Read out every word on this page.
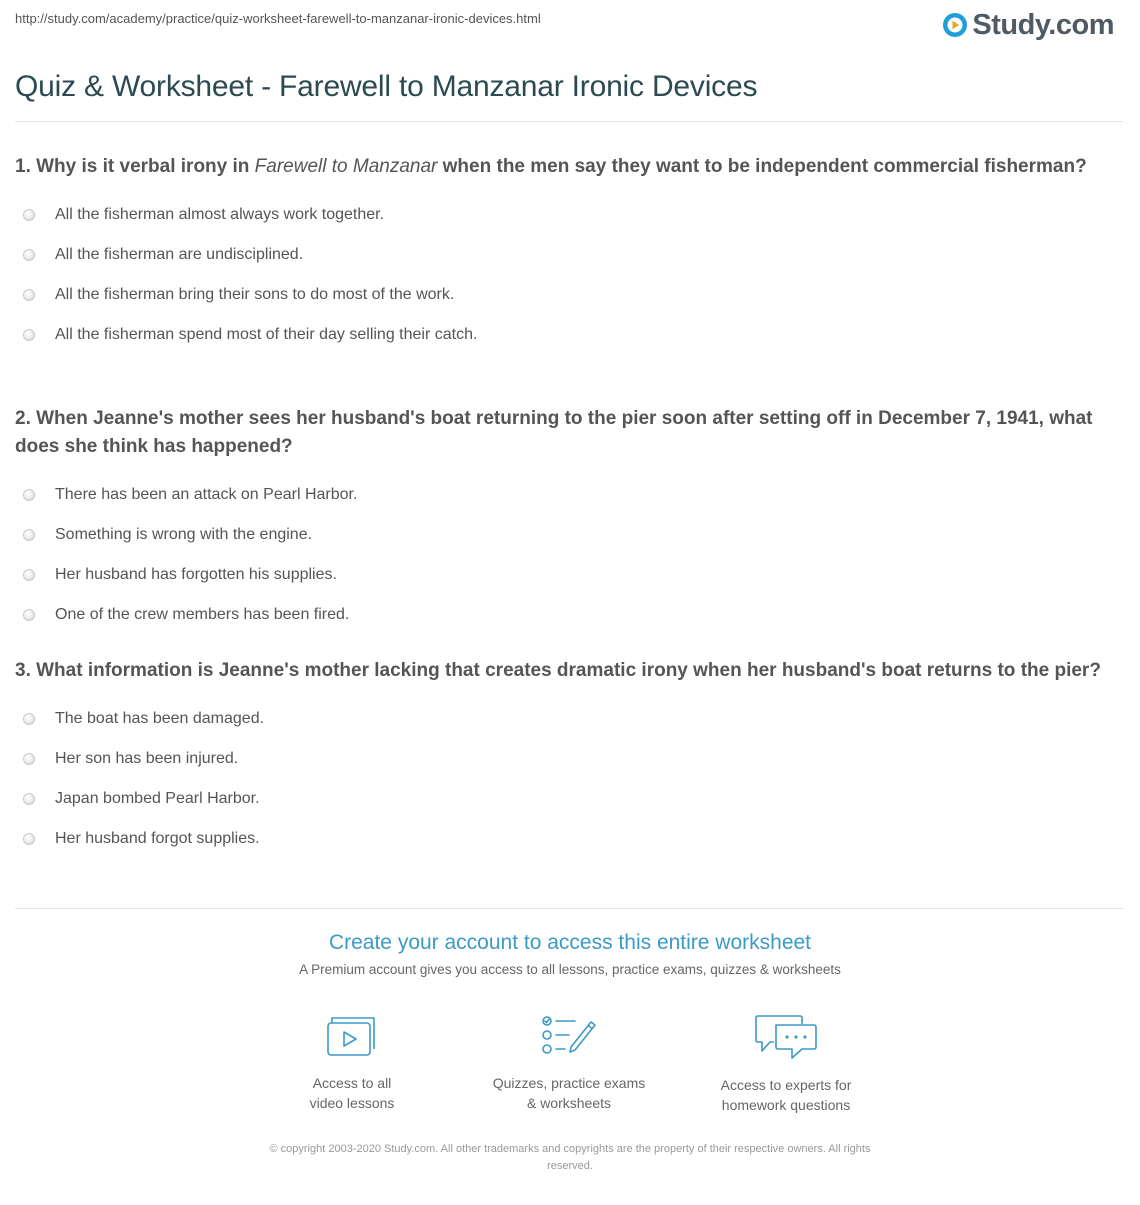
http://study.com/academy/practice/quiz-worksheet-farewell-to-manzanar-ironic-devices.html	Study.com
Quiz & Worksheet - Farewell to Manzanar Ironic Devices

1. Why is it verbal irony in Farewell to Manzanar when the men say they want to be independent commercial fisherman?

All the fisherman almost always work together.
All the fisherman are undisciplined.
All the fisherman bring their sons to do most of the work.
All the fisherman spend most of their day selling their catch.

2. When Jeanne's mother sees her husband's boat returning to the pier soon after setting off in December 7, 1941, what does she think has happened?

There has been an attack on Pearl Harbor.
Something is wrong with the engine.
Her husband has forgotten his supplies.
One of the crew members has been fired.

3. What information is Jeanne's mother lacking that creates dramatic irony when her husband's boat returns to the pier?

The boat has been damaged.
Her son has been injured.
Japan bombed Pearl Harbor.
Her husband forgot supplies.
Create your account to access this entire worksheet
A Premium account gives you access to all lessons, practice exams, quizzes & worksheets
Access to all
video lessons
Quizzes, practice exams
& worksheets
Access to experts for
homework questions
© copyright 2003-2020 Study.com. All other trademarks and copyrights are the property of their respective owners. All rights
reserved.
